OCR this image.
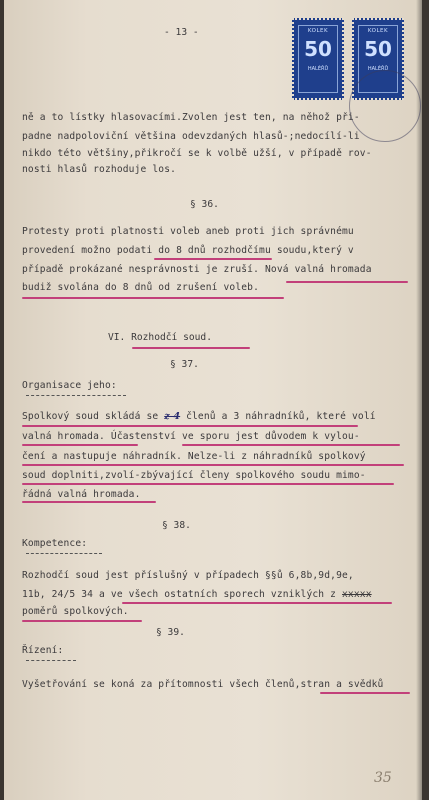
- 13 -	KOLEK
50
HALÉŘŮ
KOLEK
50
HALÉŘŮ
ně a to lístky hlasovacími.Zvolen jest ten, na něhož při-
padne nadpoloviční většina odevzdaných hlasů-;nedocílí-li
nikdo této většiny,přikročí se k volbě užší, v případě rov-
nosti hlasů rozhoduje los.
§ 36.
Protesty proti platnosti voleb aneb proti jich správnému
provedení možno podati do 8 dnů rozhodčímu soudu,který v
případě prokázané nesprávnosti je zruší. Nová valná hromada
budiž svolána do 8 dnů od zrušení voleb.
VI. Rozhodčí soud.
§ 37.
Organisace jeho:
Spolkový soud skládá se z 4 členů a 3 náhradníků, které volí
valná hromada. Účastenství ve sporu jest důvodem k vylou-
čení a nastupuje náhradník. Nelze-li z náhradníků spolkový
soud doplniti,zvolí-zbývající členy spolkového soudu mimo-
řádná valná hromada.
§ 38.
Kompetence:
Rozhodčí soud jest příslušný v případech §§ů 6,8b,9d,9e,
11b, 24/5 34 a ve všech ostatních sporech vzniklých z xxxxx
poměrů spolkových.
§ 39.
Řízení:
Vyšetřování se koná za přítomnosti všech členů,stran a svědků
35
